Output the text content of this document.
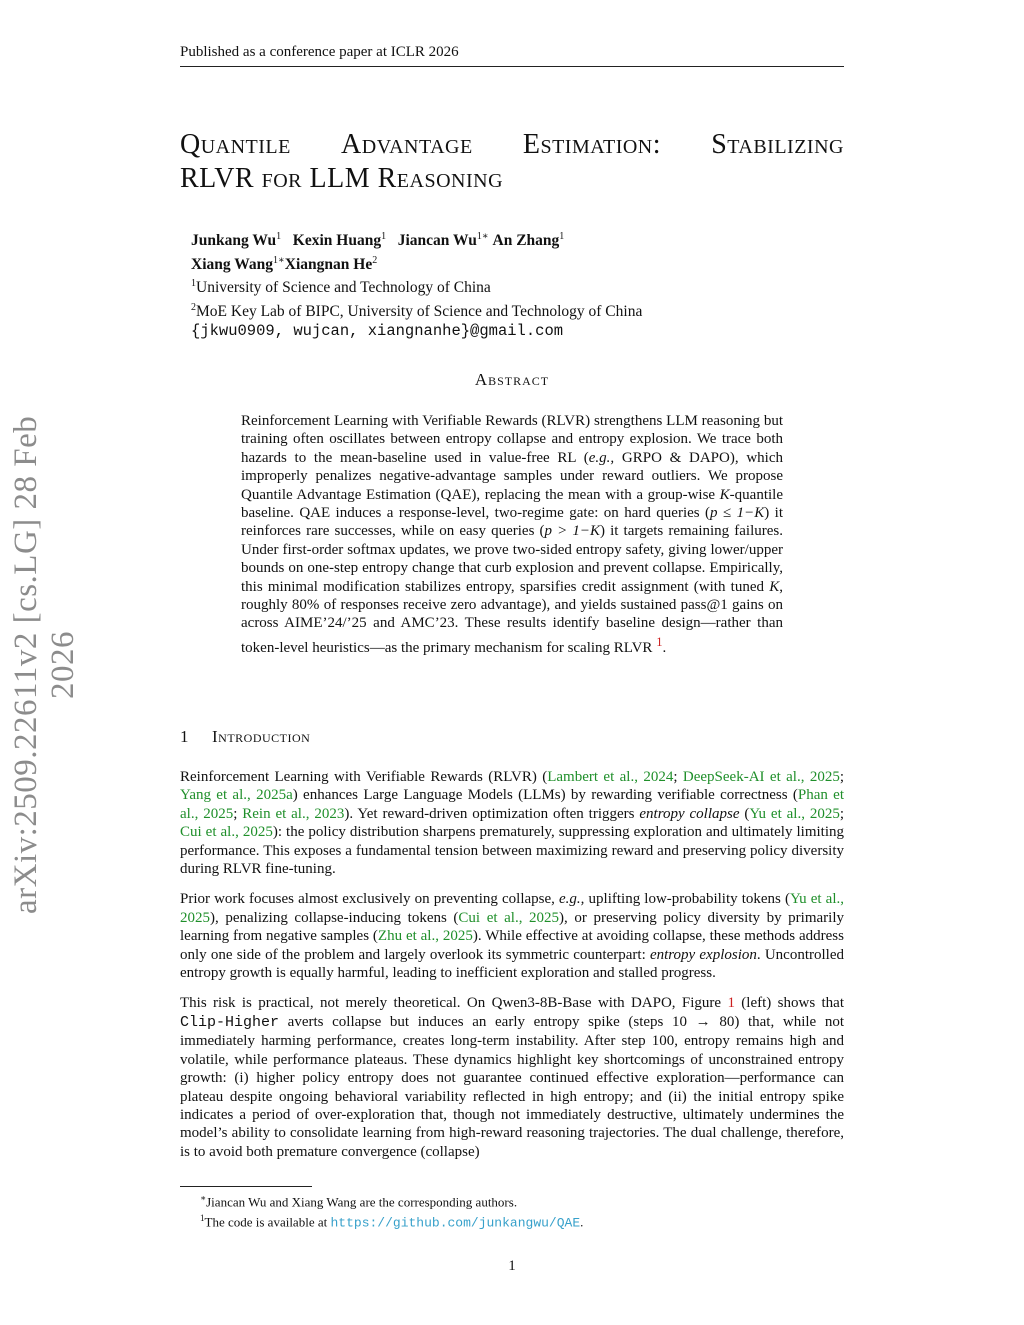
Published as a conference paper at ICLR 2026
arXiv:2509.22611v2 [cs.LG] 28 Feb 2026
Quantile Advantage Estimation: Stabilizing
RLVR for LLM Reasoning
Junkang Wu$^1$ Kexin Huang$^1$ Jiancan $Wu^{1∗}$ An Zhang$^1$
Xiang Wang$^{1∗}$Xiangnan He$^2$
$^1$University of Science and Technology of China
$^2$MoE Key Lab of BIPC, University of Science and Technology of China
{jkwu0909, wujcan, xiangnanhe}@gmail.com
Abstract
Reinforcement Learning with Verifiable Rewards (RLVR) strengthens LLM reasoning but training often oscillates between entropy collapse and entropy explosion. We trace both hazards to the mean-baseline used in value-free RL (e.g., GRPO & DAPO), which improperly penalizes negative-advantage samples under reward outliers. We propose Quantile Advantage Estimation (QAE), replacing the mean with a group-wise K-quantile baseline. QAE induces a response-level, two-regime gate: on hard queries (p ≤ 1−K) it reinforces rare successes, while on easy queries (p > 1−K) it targets remaining failures. Under first-order softmax updates, we prove two-sided entropy safety, giving lower/upper bounds on one-step entropy change that curb explosion and prevent collapse. Empirically, this minimal modification stabilizes entropy, sparsifies credit assignment (with tuned K, roughly 80% of responses receive zero advantage), and yields sustained pass@1 gains on across AIME’24/’25 and AMC’23. These results identify baseline design—rather than token-level heuristics—as the primary mechanism for scaling RLVR $^1$.
1 Introduction

Reinforcement Learning with Verifiable Rewards (RLVR) (Lambert et al., 2024; DeepSeek-AI et al., 2025; Yang et al., 2025a) enhances Large Language Models (LLMs) by rewarding verifiable correctness (Phan et al., 2025; Rein et al., 2023). Yet reward-driven optimization often triggers entropy collapse (Yu et al., 2025; Cui et al., 2025): the policy distribution sharpens prematurely, suppressing exploration and ultimately limiting performance. This exposes a fundamental tension between maximizing reward and preserving policy diversity during RLVR fine-tuning.

Prior work focuses almost exclusively on preventing collapse, e.g., uplifting low-probability tokens (Yu et al., 2025), penalizing collapse-inducing tokens (Cui et al., 2025), or preserving policy diversity by primarily learning from negative samples (Zhu et al., 2025). While effective at avoiding collapse, these methods address only one side of the problem and largely overlook its symmetric counterpart: entropy explosion. Uncontrolled entropy growth is equally harmful, leading to inefficient exploration and stalled progress.

This risk is practical, not merely theoretical. On Qwen3-8B-Base with DAPO, Figure 1 (left) shows that Clip-Higher averts collapse but induces an early entropy spike (steps 10 → 80) that, while not immediately harming performance, creates long-term instability. After step 100, entropy remains high and volatile, while performance plateaus. These dynamics highlight key shortcomings of unconstrained entropy growth: (i) higher policy entropy does not guarantee continued effective exploration—performance can plateau despite ongoing behavioral variability reflected in high entropy; and (ii) the initial entropy spike indicates a period of over-exploration that, though not immediately destructive, ultimately undermines the model’s ability to consolidate learning from high-reward reasoning trajectories. The dual challenge, therefore, is to avoid both premature convergence (collapse)

∗Jiancan Wu and Xiang Wang are the corresponding authors.
$^1$The code is available at https://github.com/junkangwu/QAE.
1
